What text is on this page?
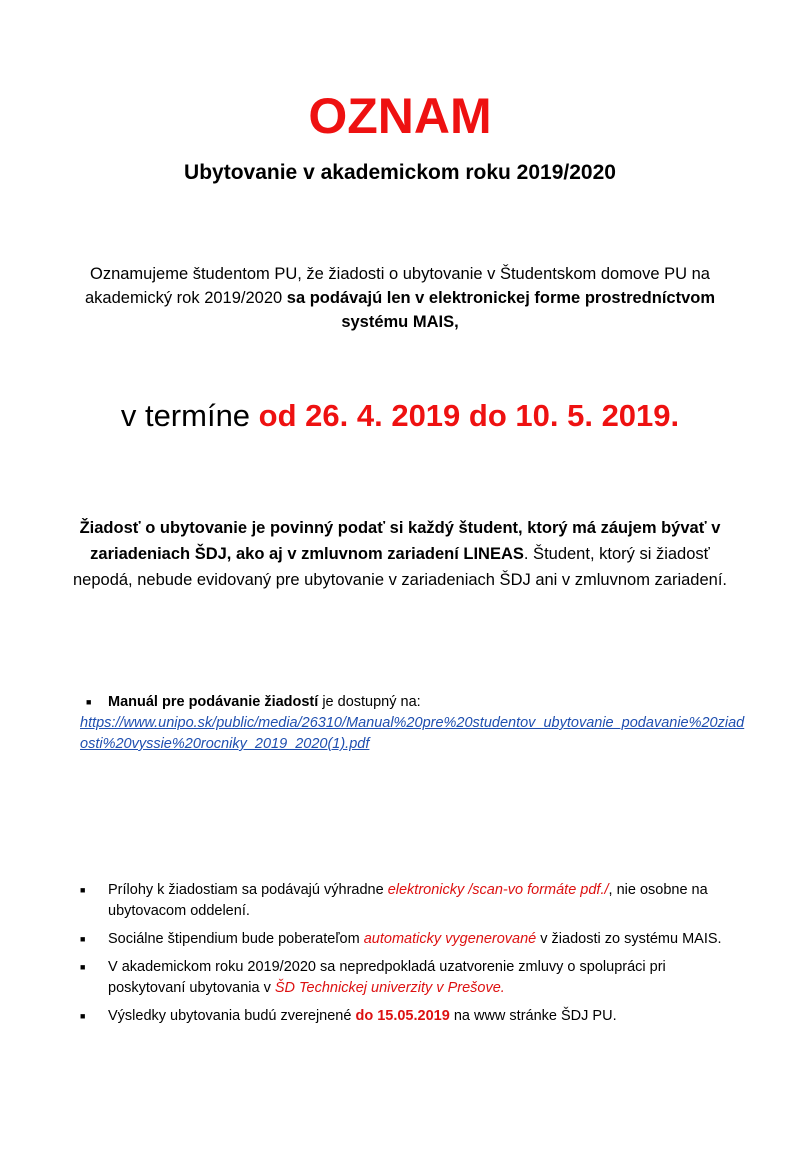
OZNAM
Ubytovanie v akademickom roku 2019/2020
Oznamujeme študentom PU, že žiadosti o ubytovanie v Študentskom domove PU na akademický rok 2019/2020 sa podávajú len v elektronickej forme prostredníctvom systému MAIS,
v termíne od 26. 4. 2019 do 10. 5. 2019.
Žiadosť o ubytovanie je povinný podať si každý študent, ktorý má záujem bývať v zariadeniach ŠDJ, ako aj v zmluvnom zariadení LINEAS. Študent, ktorý si žiadosť nepodá, nebude evidovaný pre ubytovanie v zariadeniach ŠDJ ani v zmluvnom zariadení.
■ Manuál pre podávanie žiadostí je dostupný na:
https://www.unipo.sk/public/media/26310/Manual%20pre%20studentov_ubytovanie_podavanie%20ziadosti%20vyssie%20rocniky_2019_2020(1).pdf
■ Prílohy k žiadostiam sa podávajú výhradne elektronicky /scan-vo formáte pdf./, nie osobne na ubytovacom oddelení.
■ Sociálne štipendium bude poberateľom automaticky vygenerované v žiadosti zo systému MAIS.
■ V akademickom roku 2019/2020 sa nepredpokladá uzatvorenie zmluvy o spolupráci pri poskytovaní ubytovania v ŠD Technickej univerzity v Prešove.
■ Výsledky ubytovania budú zverejnené do 15.05.2019 na www stránke ŠDJ PU.
